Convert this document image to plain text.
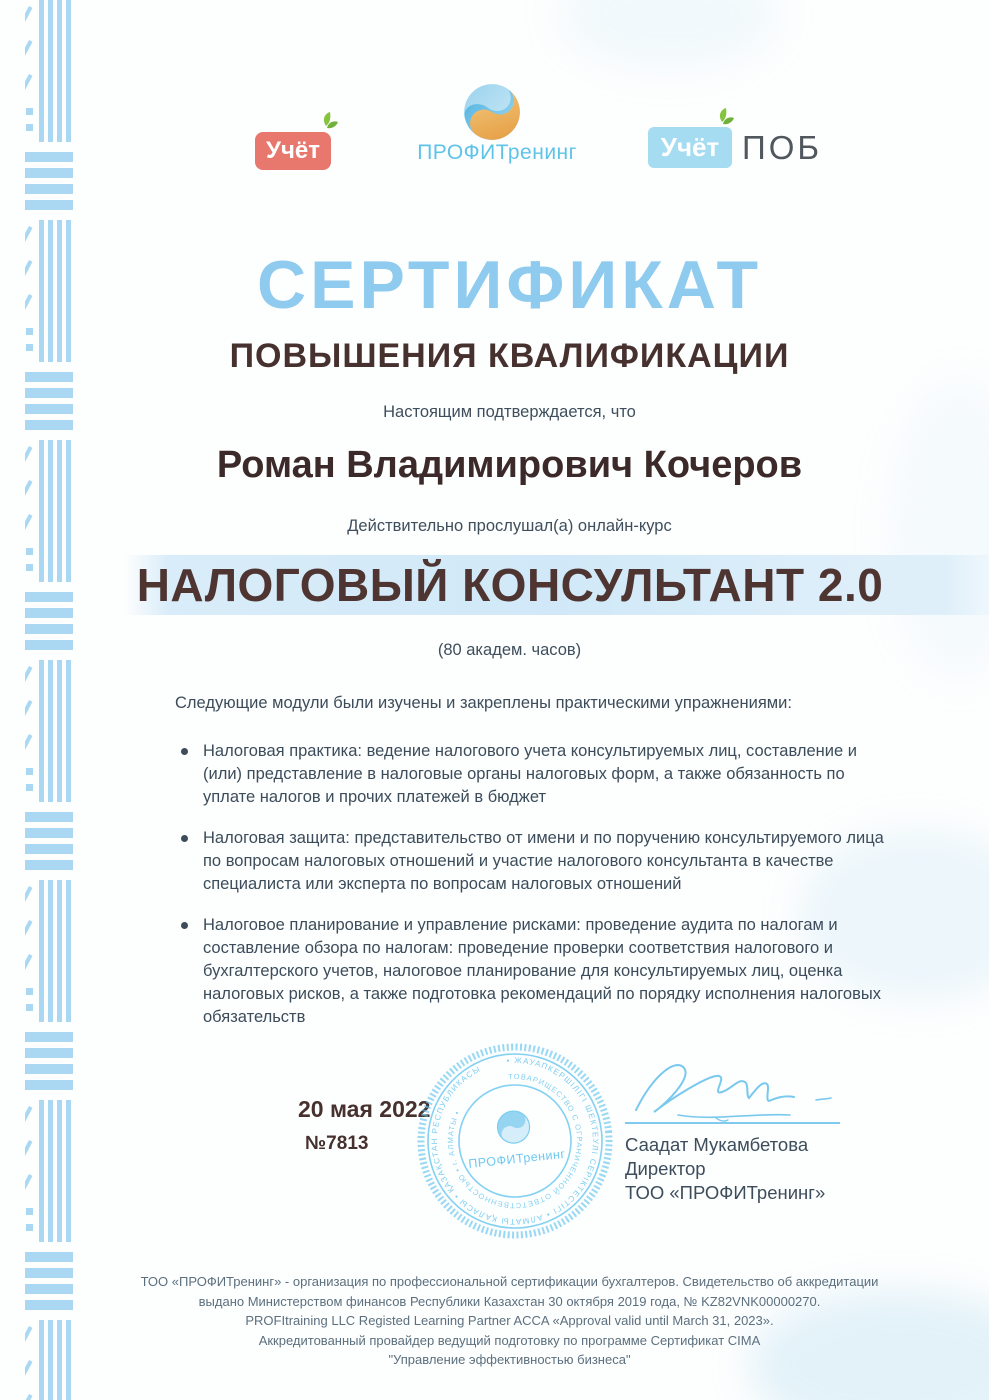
Учёт	ПРОФИТренинг	Учёт ПОБ
СЕРТИФИКАТ
ПОВЫШЕНИЯ КВАЛИФИКАЦИИ
Настоящим подтверждается, что
Роман Владимирович Кочеров
Действительно прослушал(а) онлайн-курс
НАЛОГОВЫЙ КОНСУЛЬТАНТ 2.0
(80 академ. часов)
Следующие модули были изучены и закреплены практическими упражнениями:
Налоговая практика: ведение налогового учета консультируемых лиц, составление и (или) представление в налоговые органы налоговых форм, а также обязанность по уплате налогов и прочих платежей в бюджет
Налоговая защита: представительство от имени и по поручению консультируемого лица по вопросам налоговых отношений и участие налогового консультанта в качестве специалиста или эксперта по вопросам налоговых отношений
Налоговое планирование и управление рисками: проведение аудита по налогам и составление обзора по налогам: проведение проверки соответствия налогового и бухгалтерского учетов, налоговое планирование для консультируемых лиц, оценка налоговых рисков, а также подготовка рекомендаций по порядку исполнения налоговых обязательств
20 мая 2022
№7813
• ЖАУАПКЕРШІЛІГІ ШЕКТЕУЛІ СЕРІКТЕСТІГІ • АЛМАТЫ ҚАЛАСЫ • ҚАЗАҚСТАН РЕСПУБЛИКАСЫ
ТОВАРИЩЕСТВО С ОГРАНИЧЕННОЙ ОТВЕТСТВЕННОСТЬЮ • г. АЛМАТЫ •
ПРОФИТренинг
Саадат Мукамбетова
Директор
ТОО «ПРОФИТренинг»
ТОО «ПРОФИТренинг» - организация по профессиональной сертификации бухгалтеров. Свидетельство об аккредитации
выдано Министерством финансов Республики Казахстан 30 октября 2019 года, № KZ82VNK00000270.
PROFItraining LLC Registed Learning Partner ACCA «Approval valid until March 31, 2023».
Аккредитованный провайдер ведущий подготовку по программе Сертификат CIMA
"Управление эффективностью бизнеса"
